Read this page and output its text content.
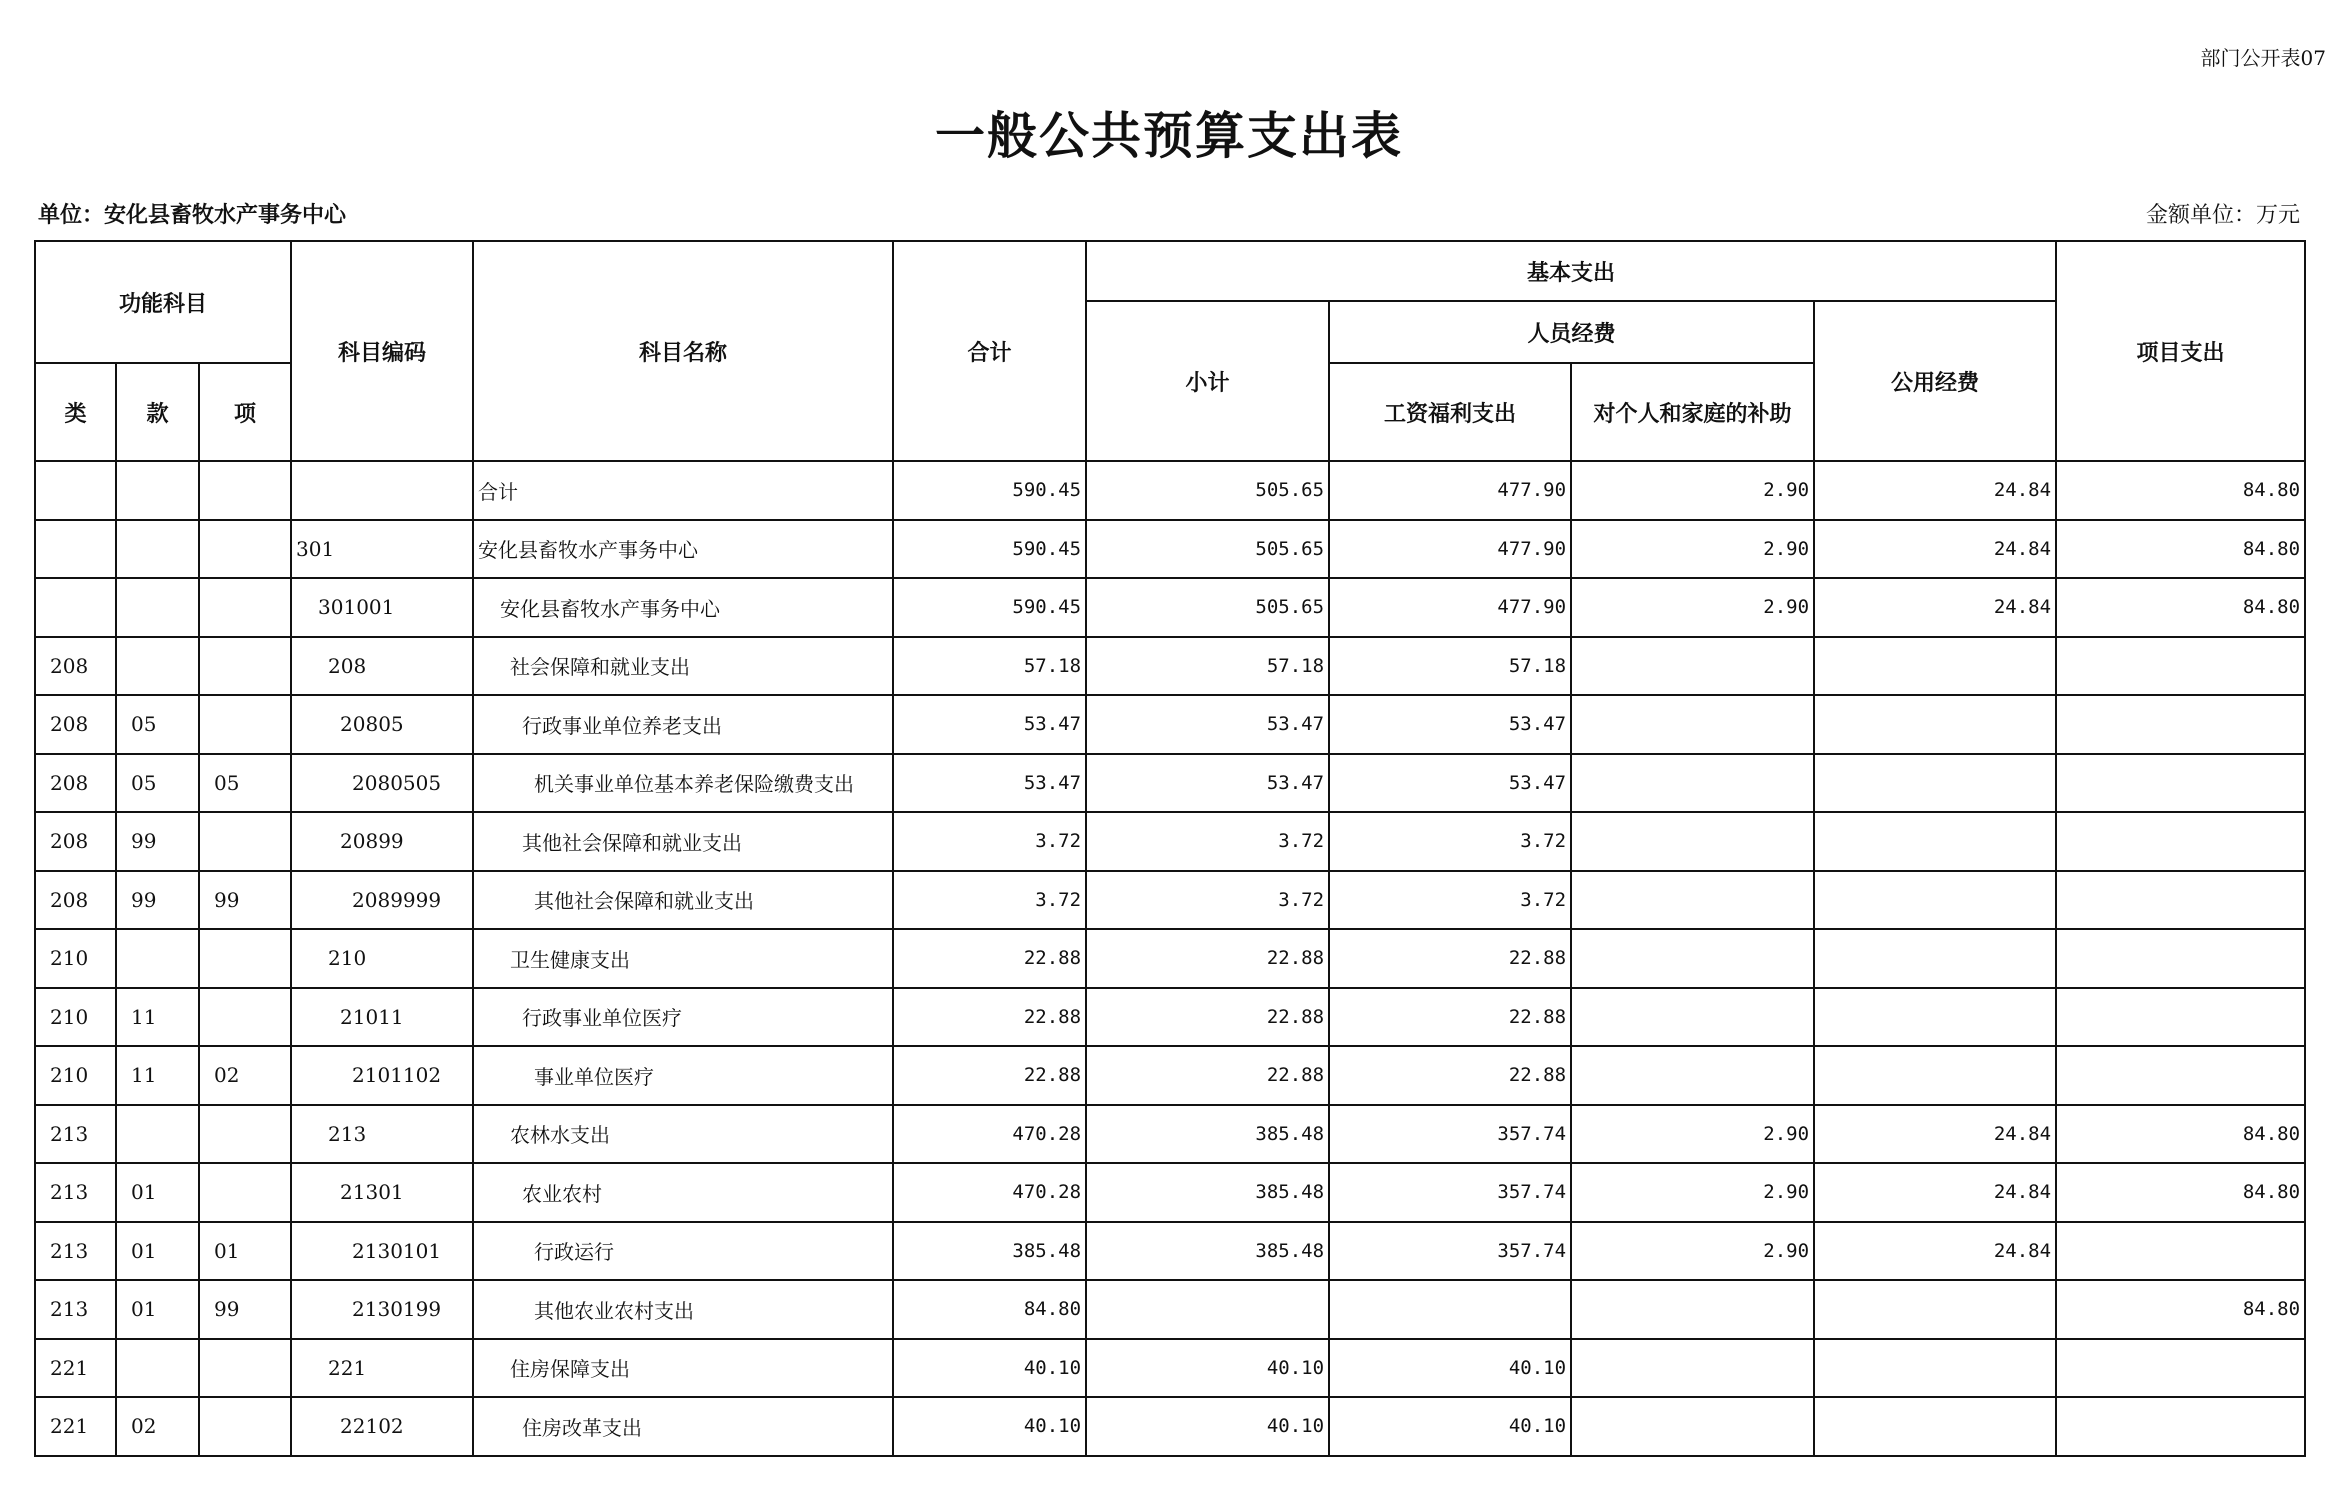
部门公开表07
一般公共预算支出表
单位：安化县畜牧水产事务中心	金额单位：万元
功能科目			科目编码	科目名称	合计	基本支出				项目支出
						小计	人员经费		公用经费	
类	款	项					工资福利支出	对个人和家庭的补助		
				合计	590.45	505.65	477.90	2.90	24.84	84.80
			301	安化县畜牧水产事务中心	590.45	505.65	477.90	2.90	24.84	84.80
			301001	安化县畜牧水产事务中心	590.45	505.65	477.90	2.90	24.84	84.80
208			208	社会保障和就业支出	57.18	57.18	57.18			
208	05		20805	行政事业单位养老支出	53.47	53.47	53.47			
208	05	05	2080505	机关事业单位基本养老保险缴费支出	53.47	53.47	53.47			
208	99		20899	其他社会保障和就业支出	3.72	3.72	3.72			
208	99	99	2089999	其他社会保障和就业支出	3.72	3.72	3.72			
210			210	卫生健康支出	22.88	22.88	22.88			
210	11		21011	行政事业单位医疗	22.88	22.88	22.88			
210	11	02	2101102	事业单位医疗	22.88	22.88	22.88			
213			213	农林水支出	470.28	385.48	357.74	2.90	24.84	84.80
213	01		21301	农业农村	470.28	385.48	357.74	2.90	24.84	84.80
213	01	01	2130101	行政运行	385.48	385.48	357.74	2.90	24.84	
213	01	99	2130199	其他农业农村支出	84.80					84.80
221			221	住房保障支出	40.10	40.10	40.10			
221	02		22102	住房改革支出	40.10	40.10	40.10			
